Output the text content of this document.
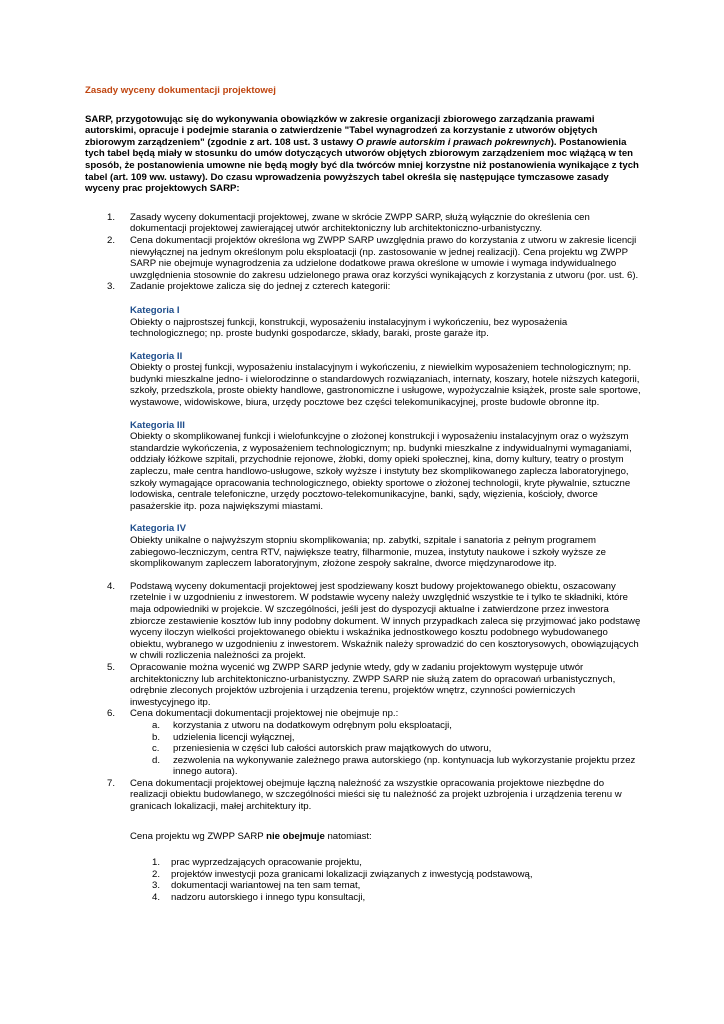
Zasady wyceny dokumentacji projektowej

SARP, przygotowując się do wykonywania obowiązków w zakresie organizacji zbiorowego zarządzania prawami autorskimi, opracuje i podejmie starania o zatwierdzenie "Tabel wynagrodzeń za korzystanie z utworów objętych zbiorowym zarządzeniem" (zgodnie z art. 108 ust. 3 ustawy O prawie autorskim i prawach pokrewnych). Postanowienia tych tabel będą miały w stosunku do umów dotyczących utworów objętych zbiorowym zarządzeniem moc wiążącą w ten sposób, że postanowienia umowne nie będą mogły być dla twórców mniej korzystne niż postanowienia wynikające z tych tabel (art. 109 ww. ustawy). Do czasu wprowadzenia powyższych tabel określa się następujące tymczasowe zasady wyceny prac projektowych SARP:

1. Zasady wyceny dokumentacji projektowej, zwane w skrócie ZWPP SARP, służą wyłącznie do określenia cen dokumentacji projektowej zawierającej utwór architektoniczny lub architektoniczno-urbanistyczny.
2. Cena dokumentacji projektów określona wg ZWPP SARP uwzględnia prawo do korzystania z utworu w zakresie licencji niewyłącznej na jednym określonym polu eksploatacji (np. zastosowanie w jednej realizacji). Cena projektu wg ZWPP SARP nie obejmuje wynagrodzenia za udzielone dodatkowe prawa określone w umowie i wymaga indywidualnego uwzględnienia stosownie do zakresu udzielonego prawa oraz korzyści wynikających z korzystania z utworu (por. ust. 6).
3. Zadanie projektowe zalicza się do jednej z czterech kategorii:
Kategoria I
Obiekty o najprostszej funkcji, konstrukcji, wyposażeniu instalacyjnym i wykończeniu, bez wyposażenia technologicznego; np. proste budynki gospodarcze, składy, baraki, proste garaże itp.
Kategoria II
Obiekty o prostej funkcji, wyposażeniu instalacyjnym i wykończeniu, z niewielkim wyposażeniem technologicznym; np. budynki mieszkalne jedno- i wielorodzinne o standardowych rozwiązaniach, internaty, koszary, hotele niższych kategorii, szkoły, przedszkola, proste obiekty handlowe, gastronomiczne i usługowe, wypożyczalnie książek, proste sale sportowe, wystawowe, widowiskowe, biura, urzędy pocztowe bez części telekomunikacyjnej, proste budowle obronne itp.
Kategoria III
Obiekty o skomplikowanej funkcji i wielofunkcyjne o złożonej konstrukcji i wyposażeniu instalacyjnym oraz o wyższym standardzie wykończenia, z wyposażeniem technologicznym; np. budynki mieszkalne z indywidualnymi wymaganiami, oddziały łóżkowe szpitali, przychodnie rejonowe, żłobki, domy opieki społecznej, kina, domy kultury, teatry o prostym zapleczu, małe centra handlowo-usługowe, szkoły wyższe i instytuty bez skomplikowanego zaplecza laboratoryjnego, szkoły wymagające opracowania technologicznego, obiekty sportowe o złożonej technologii, kryte pływalnie, sztuczne lodowiska, centrale telefoniczne, urzędy pocztowo-telekomunikacyjne, banki, sądy, więzienia, kościoły, dworce pasażerskie itp. poza największymi miastami.
Kategoria IV
Obiekty unikalne o najwyższym stopniu skomplikowania; np. zabytki, szpitale i sanatoria z pełnym programem zabiegowo-leczniczym, centra RTV, największe teatry, filharmonie, muzea, instytuty naukowe i szkoły wyższe ze skomplikowanym zapleczem laboratoryjnym, złożone zespoły sakralne, dworce międzynarodowe itp.
4. Podstawą wyceny dokumentacji projektowej jest spodziewany koszt budowy projektowanego obiektu, oszacowany rzetelnie i w uzgodnieniu z inwestorem. W podstawie wyceny należy uwzględnić wszystkie te i tylko te składniki, które maja odpowiedniki w projekcie. W szczególności, jeśli jest do dyspozycji aktualne i zatwierdzone przez inwestora zbiorcze zestawienie kosztów lub inny podobny dokument. W innych przypadkach zaleca się przyjmować jako podstawę wyceny iloczyn wielkości projektowanego obiektu i wskaźnika jednostkowego kosztu podobnego wybudowanego obiektu, wybranego w uzgodnieniu z inwestorem. Wskaźnik należy sprowadzić do cen kosztorysowych, obowiązujących w chwili rozliczenia należności za projekt.
5. Opracowanie można wycenić wg ZWPP SARP jedynie wtedy, gdy w zadaniu projektowym występuje utwór architektoniczny lub architektoniczno-urbanistyczny. ZWPP SARP nie służą zatem do opracowań urbanistycznych, odrębnie zleconych projektów uzbrojenia i urządzenia terenu, projektów wnętrz, czynności powierniczych inwestycyjnego itp.
6. Cena dokumentacji dokumentacji projektowej nie obejmuje np.:
a. korzystania z utworu na dodatkowym odrębnym polu eksploatacji,
b. udzielenia licencji wyłącznej,
c. przeniesienia w części lub całości autorskich praw majątkowych do utworu,
d. zezwolenia na wykonywanie zależnego prawa autorskiego (np. kontynuacja lub wykorzystanie projektu przez innego autora).
7. Cena dokumentacji projektowej obejmuje łączną należność za wszystkie opracowania projektowe niezbędne do realizacji obiektu budowlanego, w szczególności mieści się tu należność za projekt uzbrojenia i urządzenia terenu w granicach lokalizacji, małej architektury itp.
Cena projektu wg ZWPP SARP nie obejmuje natomiast:
1. prac wyprzedzających opracowanie projektu,
2. projektów inwestycji poza granicami lokalizacji związanych z inwestycją podstawową,
3. dokumentacji wariantowej na ten sam temat,
4. nadzoru autorskiego i innego typu konsultacji,
